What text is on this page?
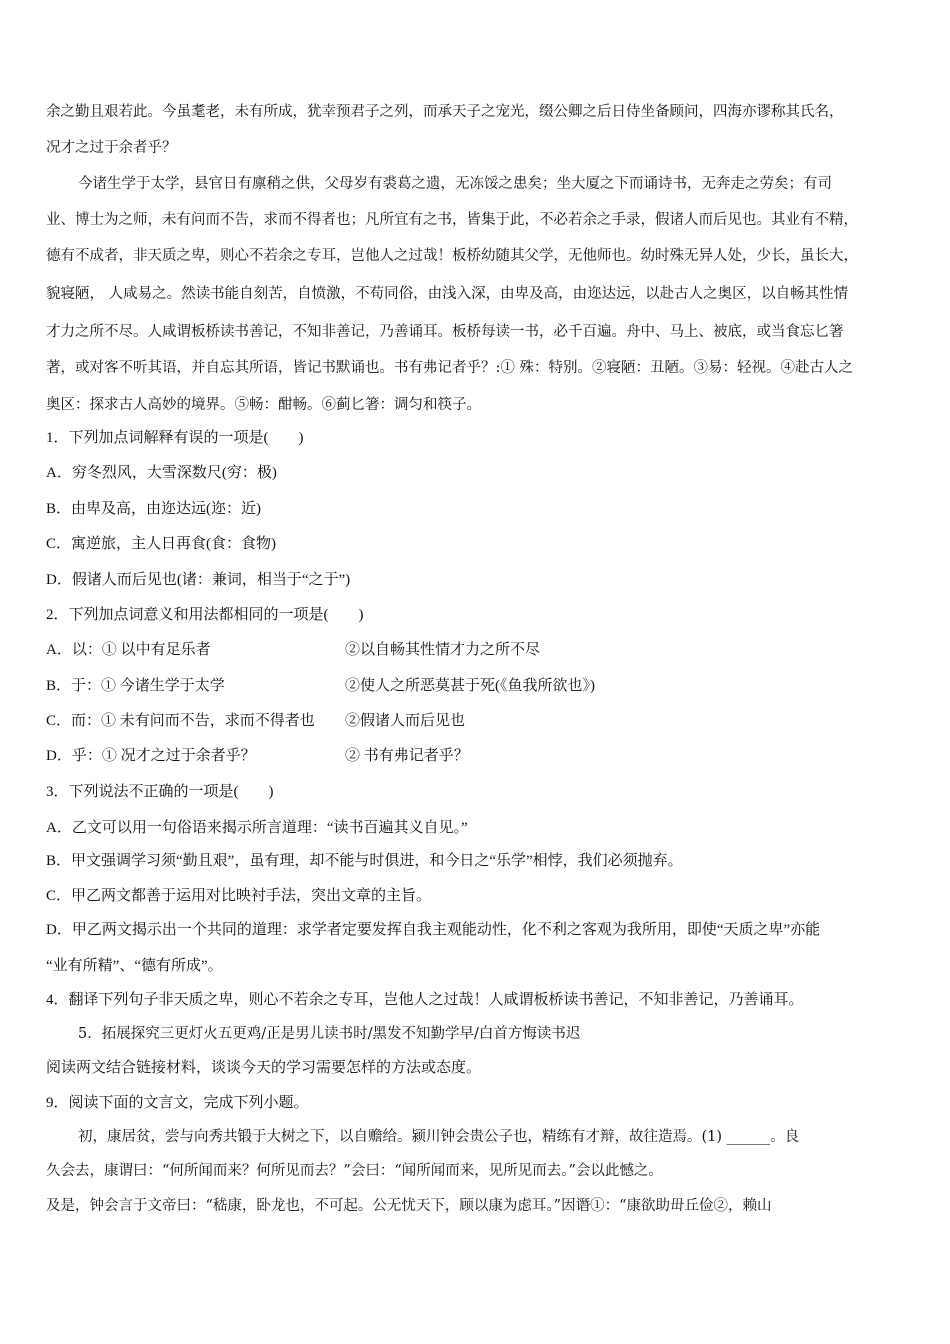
余之勤且艰若此。今虽耄老，未有所成，犹幸预君子之列，而承天子之宠光，缀公卿之后日侍坐备顾问，四海亦谬称其氏名，
况才之过于余者乎？
今诸生学于太学，县官日有廪稍之供，父母岁有裘葛之遗，无冻馁之患矣；坐大厦之下而诵诗书，无奔走之劳矣；有司
业、博士为之师，未有问而不告，求而不得者也；凡所宜有之书，皆集于此，不必若余之手录，假诸人而后见也。其业有不精，
德有不成者，非天质之卑，则心不若余之专耳，岂他人之过哉！板桥幼随其父学，无他师也。幼时殊无异人处，少长，虽长大，
貌寝陋， 人咸易之。然读书能自刻苦，自愤激，不苟同俗，由浅入深，由卑及高，由迩达远，以赴古人之奥区，以自畅其性情
才力之所不尽。人咸谓板桥读书善记，不知非善记，乃善诵耳。板桥每读一书，必千百遍。舟中、马上、被底，或当食忘匕箸
著，或对客不听其语，并自忘其所语，皆记书默诵也。书有弗记者乎？:① 殊：特别。②寝陋：丑陋。③易：轻视。④赴古人之
奥区：探求古人高妙的境界。⑤畅：酣畅。⑥蓟匕箸：调匀和筷子。
1．下列加点词解释有误的一项是(　　)
A．穷冬烈风，大雪深数尺(穷：极)
B．由卑及高，由迩达远(迩：近)
C．寓逆旅，主人日再食(食：食物)
D．假诸人而后见也(诸：兼词，相当于“之于”)
2．下列加点词意义和用法都相同的一项是(　　)
A．以：① 以中有足乐者	②以自畅其性情才力之所不尽
B．于：① 今诸生学于太学	②使人之所恶莫甚于死(《鱼我所欲也》)
C．而：① 未有问而不告，求而不得者也 ②假诸人而后见也
D．乎：① 况才之过于余者乎？	② 书有弗记者乎？
3．下列说法不正确的一项是(　　)
A．乙文可以用一句俗语来揭示所言道理：“读书百遍其义自见。”
B．甲文强调学习须“勤且艰”，虽有理，却不能与时俱进，和今日之“乐学”相悖，我们必须抛弃。
C．甲乙两文都善于运用对比映衬手法，突出文章的主旨。
D．甲乙两文揭示出一个共同的道理：求学者定要发挥自我主观能动性，化不利之客观为我所用，即使“天质之卑”亦能
“业有所精”、“德有所成”。
4．翻译下列句子非天质之卑，则心不若余之专耳，岂他人之过哉！人咸谓板桥读书善记，不知非善记，乃善诵耳。
5．拓展探究三更灯火五更鸡/正是男儿读书时/黑发不知勤学早/白首方悔读书迟
阅读两文结合链接材料，谈谈今天的学习需要怎样的方法或态度。
9．阅读下面的文言文，完成下列小题。
初，康居贫，尝与向秀共锻于大树之下，以自赡给。颍川钟会贵公子也，精练有才辩，故往造焉。(1) ______。良
久会去，康谓曰：“何所闻而来？何所见而去？”会曰：“闻所闻而来，见所见而去。”会以此憾之。
及是，钟会言于文帝曰：“嵇康，卧龙也，不可起。公无忧天下，顾以康为虑耳。”因谮①：“康欲助毌丘俭②，赖山
